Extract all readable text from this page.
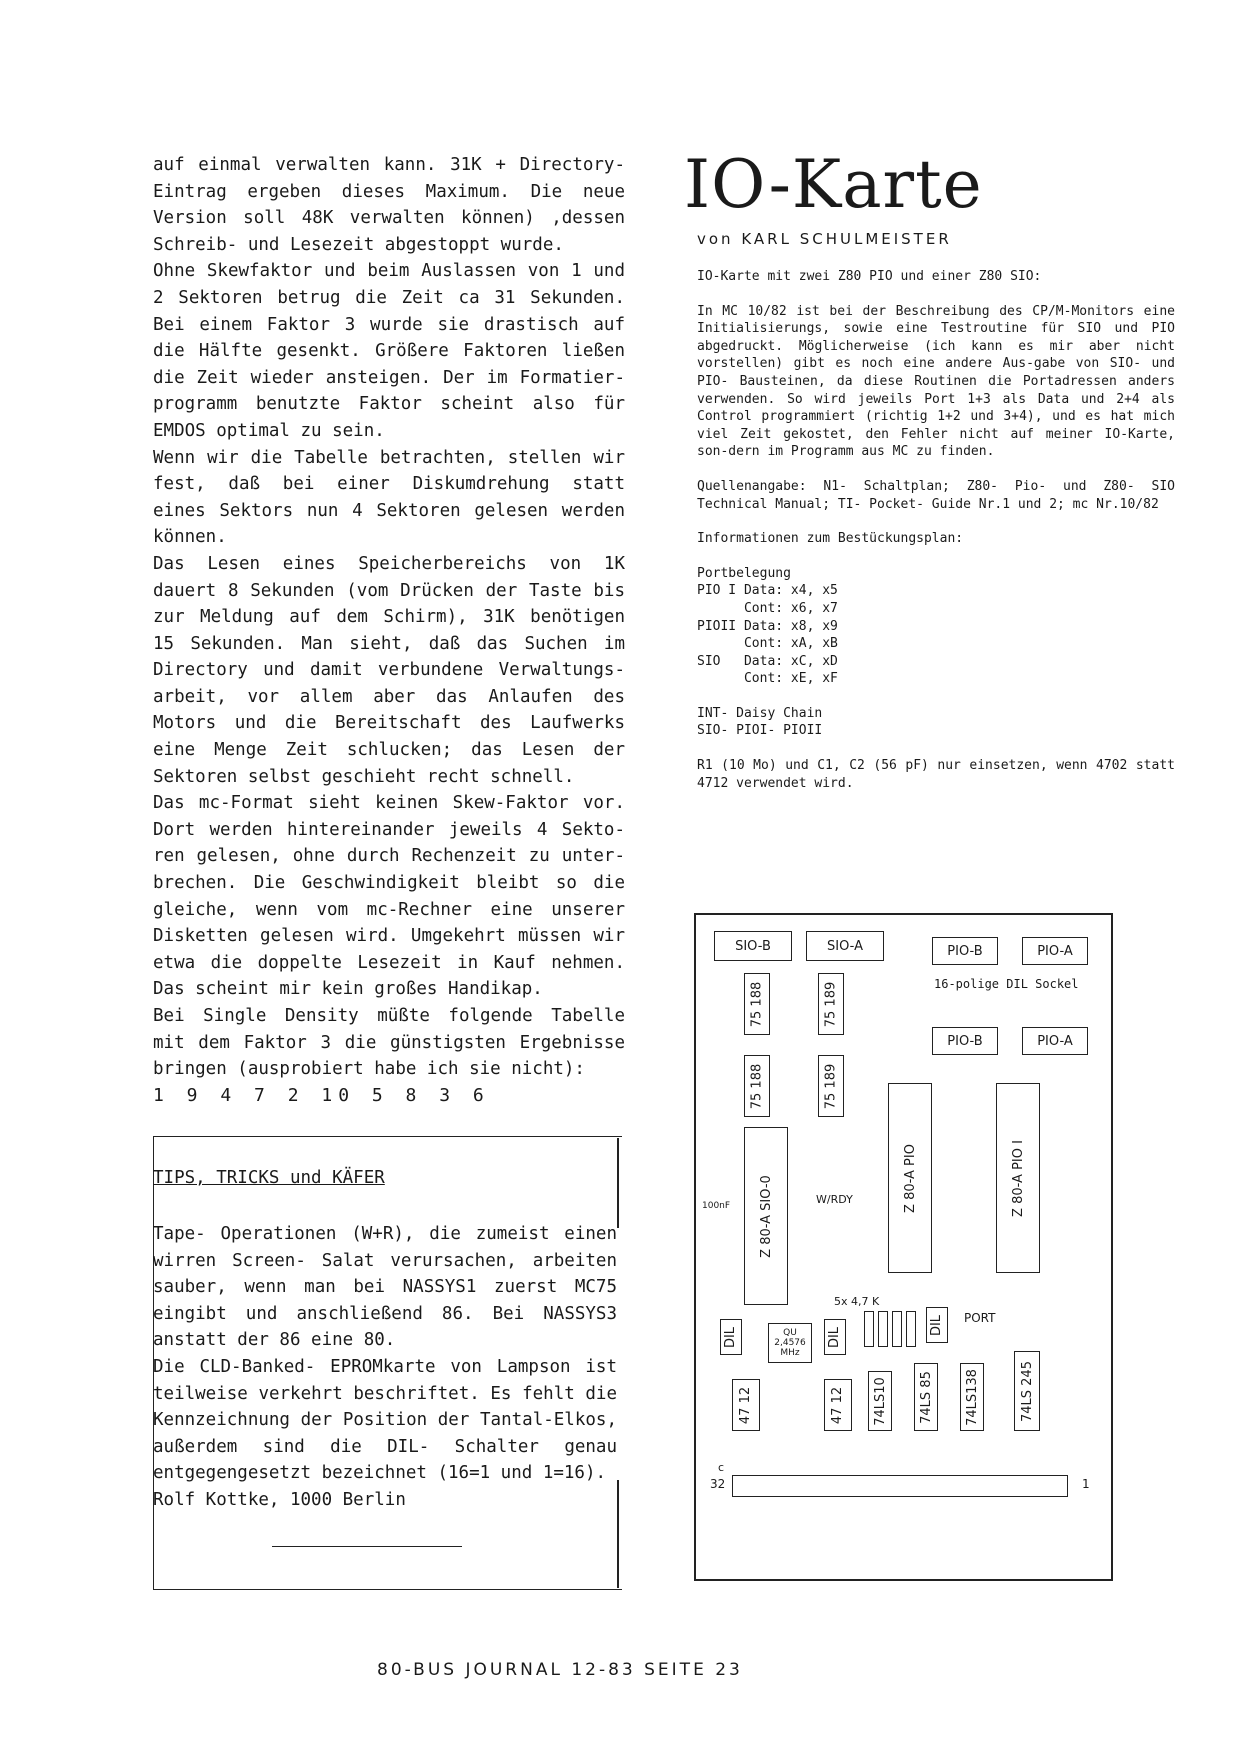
auf einmal verwalten kann. 31K + Directory-Eintrag ergeben dieses Maximum. Die neue Version soll 48K verwalten können) ,dessen Schreib- und Lesezeit abgestoppt wurde.

Ohne Skewfaktor und beim Auslassen von 1 und 2 Sektoren betrug die Zeit ca 31 Sekunden. Bei einem Faktor 3 wurde sie drastisch auf die Hälfte gesenkt. Größere Faktoren ließen die Zeit wieder ansteigen. Der im Formatier-programm benutzte Faktor scheint also für EMDOS optimal zu sein.

Wenn wir die Tabelle betrachten, stellen wir fest, daß bei einer Diskumdrehung statt eines Sektors nun 4 Sektoren gelesen werden können.

Das Lesen eines Speicherbereichs von 1K dauert 8 Sekunden (vom Drücken der Taste bis zur Meldung auf dem Schirm), 31K benötigen 15 Sekunden. Man sieht, daß das Suchen im Directory und damit verbundene Verwaltungs-arbeit, vor allem aber das Anlaufen des Motors und die Bereitschaft des Laufwerks eine Menge Zeit schlucken; das Lesen der Sektoren selbst geschieht recht schnell.

Das mc-Format sieht keinen Skew-Faktor vor. Dort werden hintereinander jeweils 4 Sekto-ren gelesen, ohne durch Rechenzeit zu unter-brechen. Die Geschwindigkeit bleibt so die gleiche, wenn vom mc-Rechner eine unserer Disketten gelesen wird. Umgekehrt müssen wir etwa die doppelte Lesezeit in Kauf nehmen. Das scheint mir kein großes Handikap.

Bei Single Density müßte folgende Tabelle mit dem Faktor 3 die günstigsten Ergebnisse bringen (ausprobiert habe ich sie nicht):

1 9 4 7 2 10 5 8 3 6

TIPS, TRICKS und KÄFER

Tape- Operationen (W+R), die zumeist einen wirren Screen- Salat verursachen, arbeiten sauber, wenn man bei NASSYS1 zuerst MC75 eingibt und anschließend 86. Bei NASSYS3 anstatt der 86 eine 80.

Die CLD-Banked- EPROMkarte von Lampson ist teilweise verkehrt beschriftet. Es fehlt die Kennzeichnung der Position der Tantal-Elkos, außerdem sind die DIL- Schalter genau entgegengesetzt bezeichnet (16=1 und 1=16).

Rolf Kottke, 1000 Berlin

IO-Karte
von KARL SCHULMEISTER

IO-Karte mit zwei Z80 PIO und einer Z80 SIO:

In MC 10/82 ist bei der Beschreibung des CP/M-Monitors eine Initialisierungs, sowie eine Testroutine für SIO und PIO abgedruckt. Möglicherweise (ich kann es mir aber nicht vorstellen) gibt es noch eine andere Aus-gabe von SIO- und PIO- Bausteinen, da diese Routinen die Portadressen anders verwenden. So wird jeweils Port 1+3 als Data und 2+4 als Control programmiert (richtig 1+2 und 3+4), und es hat mich viel Zeit gekostet, den Fehler nicht auf meiner IO-Karte, son-dern im Programm aus MC zu finden.

Quellenangabe: N1- Schaltplan; Z80- Pio- und Z80- SIO Technical Manual; TI- Pocket- Guide Nr.1 und 2; mc Nr.10/82

Informationen zum Bestückungsplan:

Portbelegung
PIO I Data: x4, x5
Cont: x6, x7
PIOII Data: x8, x9
Cont: xA, xB
SIO   Data: xC, xD
Cont: xE, xF
INT- Daisy Chain
SIO- PIOI- PIOII

R1 (10 Mo) und C1, C2 (56 pF) nur einsetzen, wenn 4702 statt 4712 verwendet wird.

SIO-B	SIO-A	PIO-B	PIO-A
16-polige DIL Sockel
PIO-B	PIO-A
75 188	75 189
75 188	75 189
Z 80-A SIO-0	Z 80-A PIO	Z 80-A PIO I
W/RDY
100nF
5x 4,7 K
DIL	DIL
DIL PORT
QU 2,4576 MHz
47 12	47 12 74LS10 74LS 85 74LS138	74LS 245
32
c
1
80-BUS JOURNAL 12-83 SEITE 23
